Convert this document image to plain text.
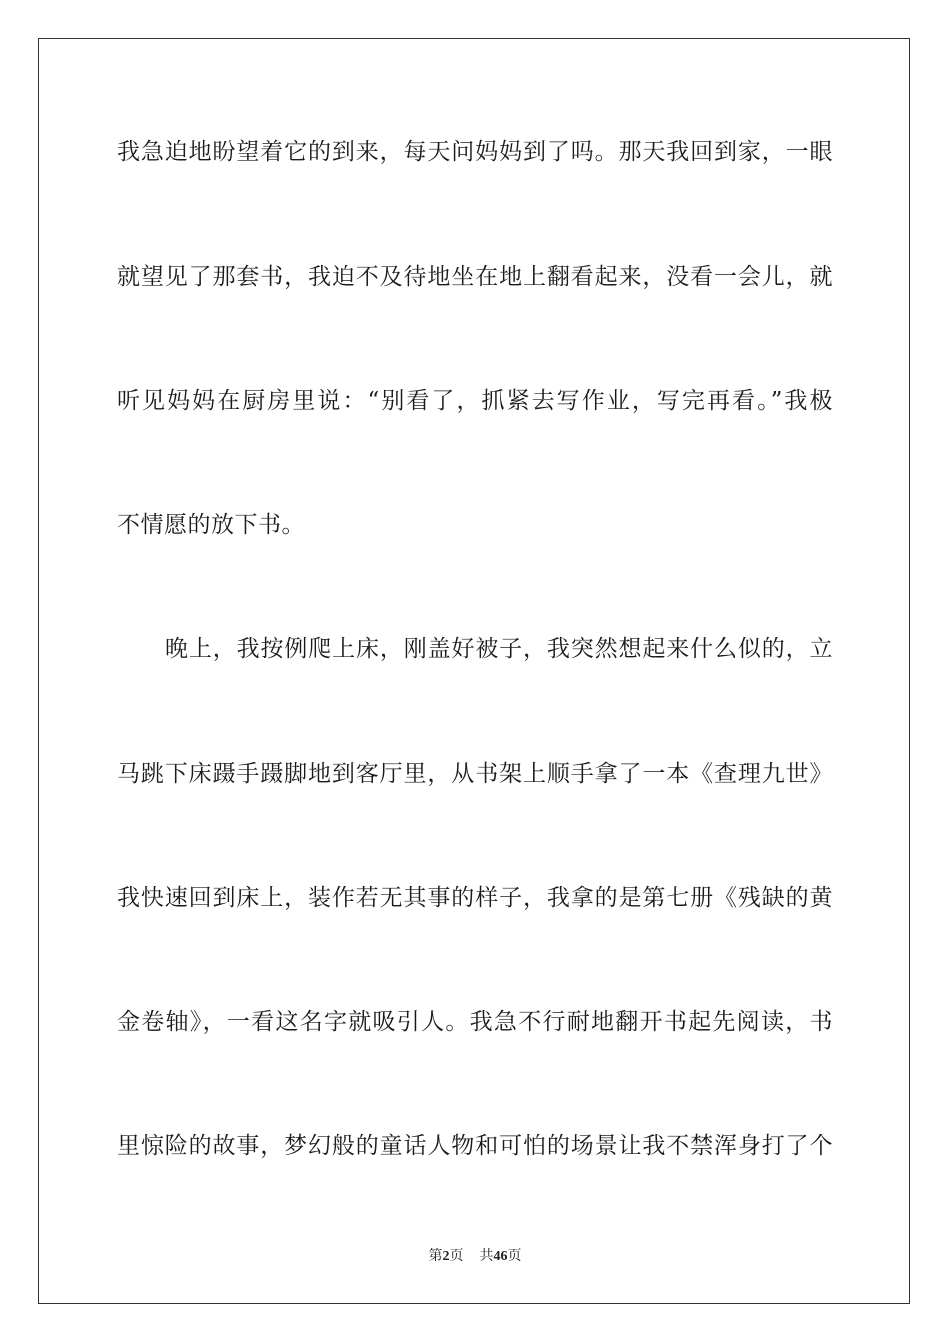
我急迫地盼望着它的到来，每天问妈妈到了吗。那天我回到家，一眼
就望见了那套书，我迫不及待地坐在地上翻看起来，没看一会儿，就
听见妈妈在厨房里说：“别看了，抓紧去写作业，写完再看。”我极
不情愿的放下书。
晚上，我按例爬上床，刚盖好被子，我突然想起来什么似的，立
马跳下床蹑手蹑脚地到客厅里，从书架上顺手拿了一本《查理九世》
我快速回到床上，装作若无其事的样子，我拿的是第七册《残缺的黄
金卷轴》，一看这名字就吸引人。我急不行耐地翻开书起先阅读，书
里惊险的故事，梦幻般的童话人物和可怕的场景让我不禁浑身打了个
第2页 共46页
